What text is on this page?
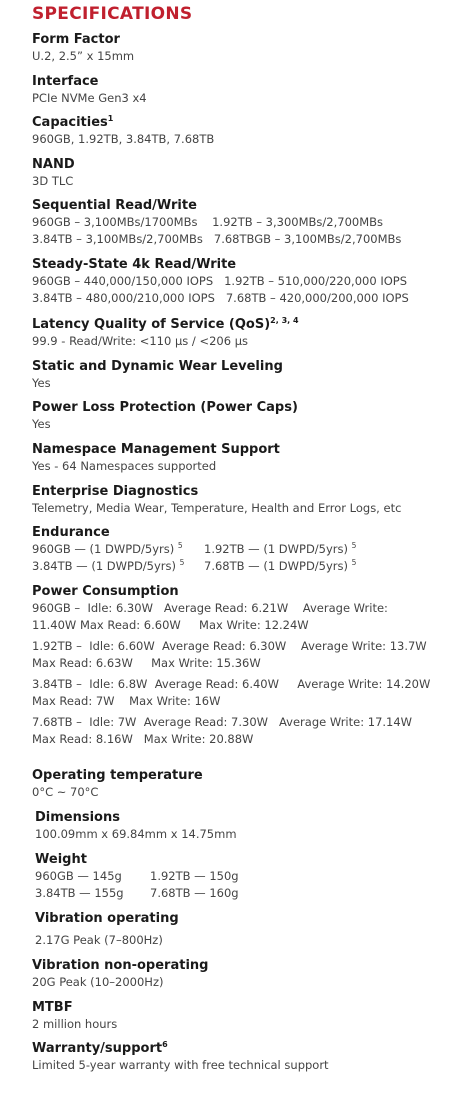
SPECIFICATIONS
Form Factor
U.2, 2.5” x 15mm
Interface
PCIe NVMe Gen3 x4
Capacities$^1$
960GB, 1.92TB, 3.84TB, 7.68TB
NAND
3D TLC
Sequential Read/Write
960GB – 3,100MBs/1700MBs    1.92TB – 3,300MBs/2,700MBs
3.84TB – 3,100MBs/2,700MBs   7.68TBGB – 3,100MBs/2,700MBs
Steady-State 4k Read/Write
960GB – 440,000/150,000 IOPS   1.92TB – 510,000/220,000 IOPS
3.84TB – 480,000/210,000 IOPS   7.68TB – 420,000/200,000 IOPS
Latency Quality of Service (QoS)$^{2, 3, 4}$
99.9 - Read/Write: <110 µs / <206 µs
Static and Dynamic Wear Leveling
Yes
Power Loss Protection (Power Caps)
Yes
Namespace Management Support
Yes - 64 Namespaces supported
Enterprise Diagnostics
Telemetry, Media Wear, Temperature, Health and Error Logs, etc
Endurance
960GB — (1 DWPD/5yrs) $^5$ 1.92TB — (1 DWPD/5yrs) $^5$
3.84TB — (1 DWPD/5yrs) $^5$ 7.68TB — (1 DWPD/5yrs) $^5$
Power Consumption
960GB –  Idle: 6.30W   Average Read: 6.21W    Average Write: 11.40W Max Read: 6.60W     Max Write: 12.24W
1.92TB –  Idle: 6.60W  Average Read: 6.30W    Average Write: 13.7W Max Read: 6.63W     Max Write: 15.36W
3.84TB –  Idle: 6.8W  Average Read: 6.40W     Average Write: 14.20W Max Read: 7W    Max Write: 16W
7.68TB –  Idle: 7W  Average Read: 7.30W   Average Write: 17.14W   Max Read: 8.16W   Max Write: 20.88W
Operating temperature
0°C ~ 70°C
Dimensions
100.09mm x 69.84mm x 14.75mm
Weight
960GB — 145g 1.92TB — 150g
3.84TB — 155g 7.68TB — 160g
Vibration operating
2.17G Peak (7–800Hz)
Vibration non-operating
20G Peak (10–2000Hz)
MTBF
2 million hours
Warranty/support$^6$
Limited 5-year warranty with free technical support
